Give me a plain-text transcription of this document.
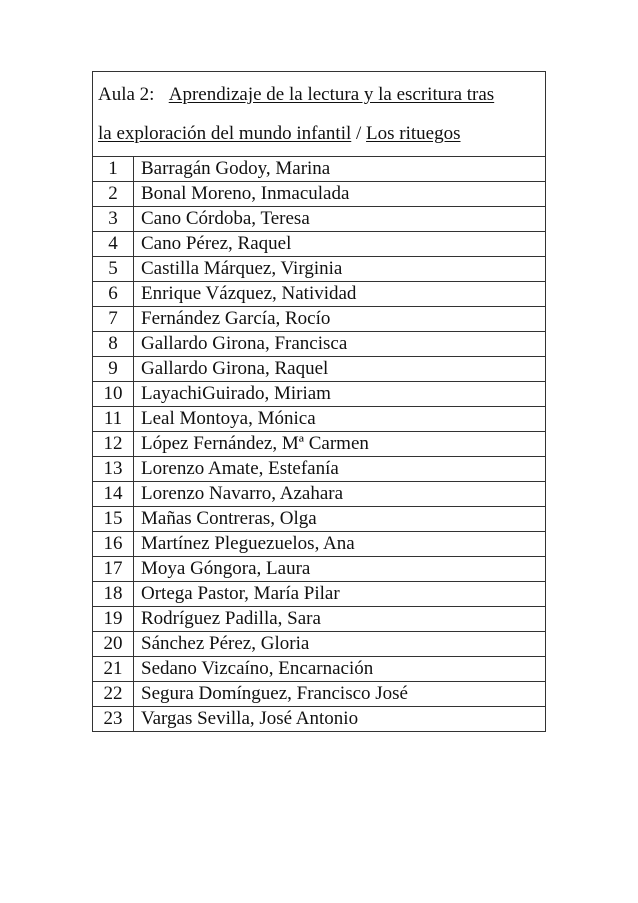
Aula 2: Aprendizaje de la lectura y la escritura tras
la exploración del mundo infantil / Los rituegos	

1	Barragán Godoy, Marina
2	Bonal Moreno, Inmaculada
3	Cano Córdoba, Teresa
4	Cano Pérez, Raquel
5	Castilla Márquez, Virginia
6	Enrique Vázquez, Natividad
7	Fernández García, Rocío
8	Gallardo Girona, Francisca
9	Gallardo Girona, Raquel
10	LayachiGuirado, Miriam
11	Leal Montoya, Mónica
12	López Fernández, Mª Carmen
13	Lorenzo Amate, Estefanía
14	Lorenzo Navarro, Azahara
15	Mañas Contreras, Olga
16	Martínez Pleguezuelos, Ana
17	Moya Góngora, Laura
18	Ortega Pastor, María Pilar
19	Rodríguez Padilla, Sara
20	Sánchez Pérez, Gloria
21	Sedano Vizcaíno, Encarnación
22	Segura Domínguez, Francisco José
23	Vargas Sevilla, José Antonio
